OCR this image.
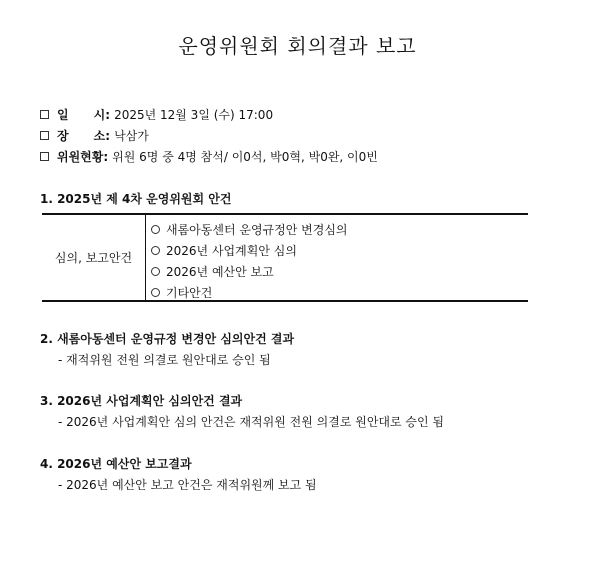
운영위원회 회의결과 보고
일      시: 2025년 12월 3일 (수) 17:00
장      소: 낙삼가
위원현황: 위원 6명 중 4명 참석/ 이0석, 박0혁, 박0완, 이0빈
1. 2025년 제 4차 운영위원회 안건
심의, 보고안건
새롬아동센터 운영규정안 변경심의
2026년 사업계획안 심의
2026년 예산안 보고
기타안건
2. 새롬아동센터 운영규정 변경안 심의안건 결과
- 재적위원 전원 의결로 원안대로 승인 됨
3. 2026년 사업계획안 심의안건 결과
- 2026년 사업계획안 심의 안건은 재적위원 전원 의결로 원안대로 승인 됨
4. 2026년 예산안 보고결과
- 2026년 예산안 보고 안건은 재적위원께 보고 됨
